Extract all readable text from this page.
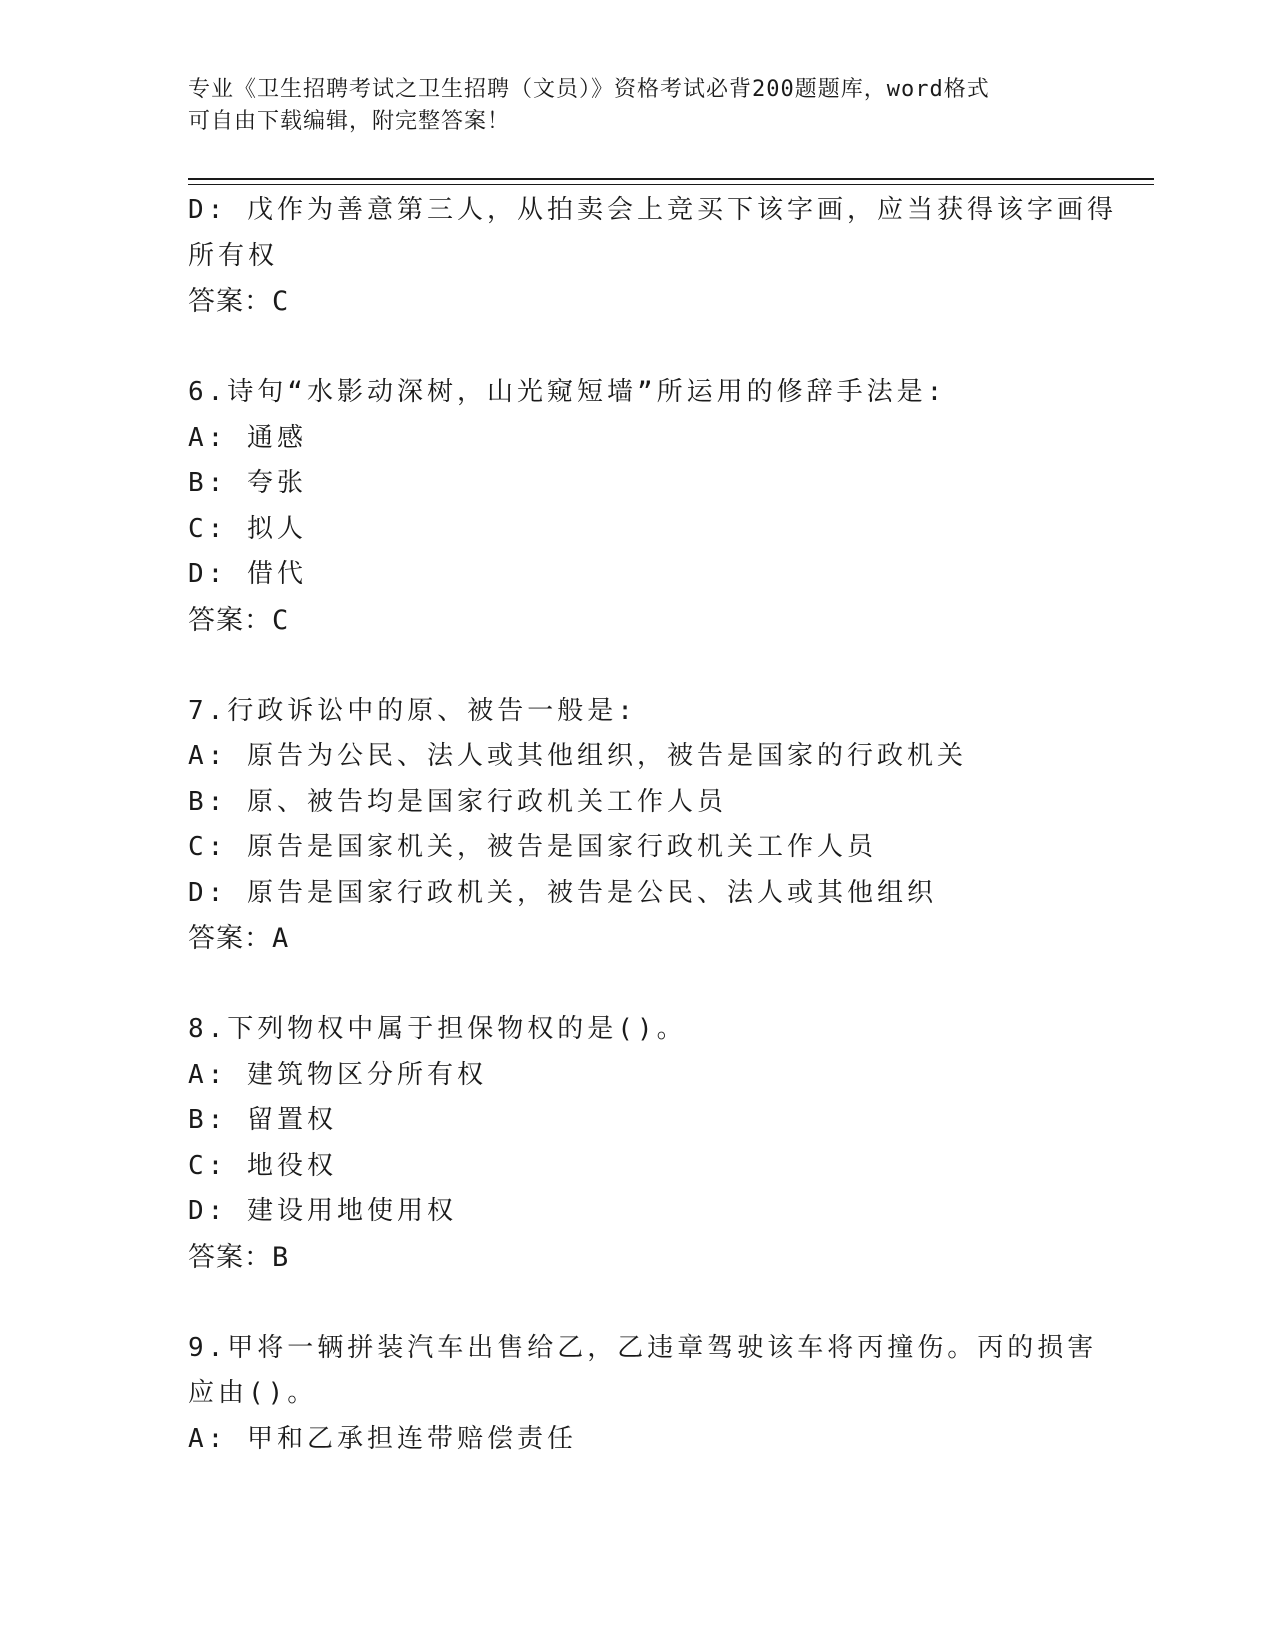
专业《卫生招聘考试之卫生招聘（文员）》资格考试必背200题题库，word格式
可自由下载编辑，附完整答案！
D: 戊作为善意第三人，从拍卖会上竞买下该字画，应当获得该字画得
所有权
答案：C
6.诗句“水影动深树，山光窥短墙”所运用的修辞手法是:
A: 通感
B: 夸张
C: 拟人
D: 借代
答案：C
7.行政诉讼中的原、被告一般是:
A: 原告为公民、法人或其他组织，被告是国家的行政机关
B: 原、被告均是国家行政机关工作人员
C: 原告是国家机关，被告是国家行政机关工作人员
D: 原告是国家行政机关，被告是公民、法人或其他组织
答案：A
8.下列物权中属于担保物权的是()。
A: 建筑物区分所有权
B: 留置权
C: 地役权
D: 建设用地使用权
答案：B
9.甲将一辆拼装汽车出售给乙，乙违章驾驶该车将丙撞伤。丙的损害
应由()。
A: 甲和乙承担连带赔偿责任
